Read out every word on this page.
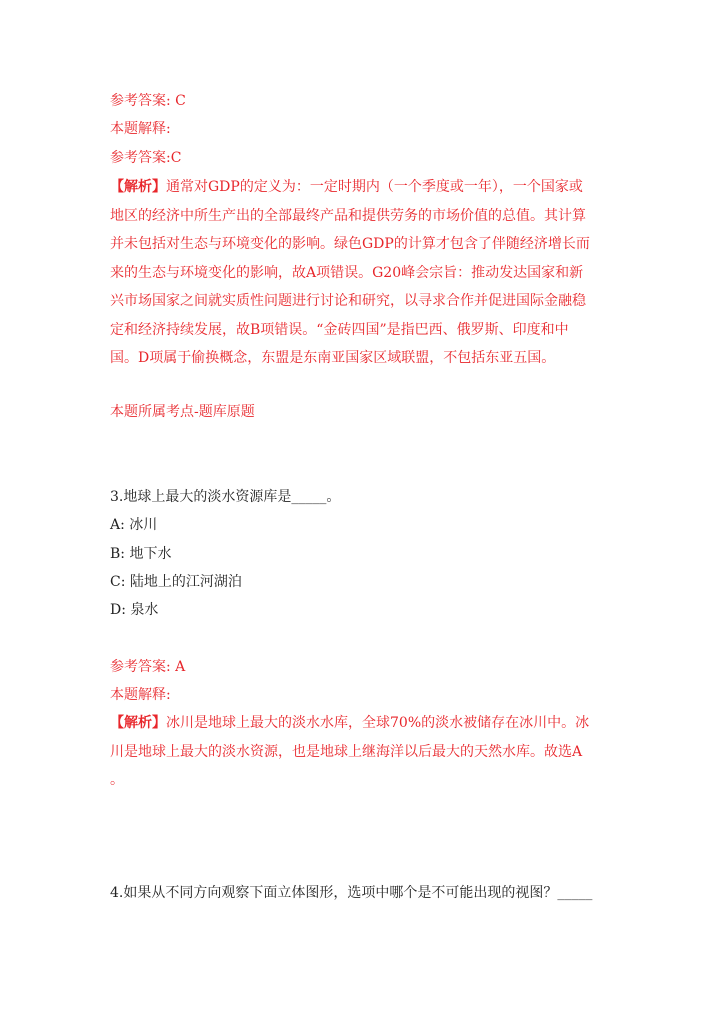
参考答案: C
本题解释:
参考答案:C
【解析】通常对GDP的定义为：一定时期内（一个季度或一年），一个国家或
地区的经济中所生产出的全部最终产品和提供劳务的市场价值的总值。其计算
并未包括对生态与环境变化的影响。绿色GDP的计算才包含了伴随经济增长而
来的生态与环境变化的影响，故A项错误。G20峰会宗旨：推动发达国家和新
兴市场国家之间就实质性问题进行讨论和研究，以寻求合作并促进国际金融稳
定和经济持续发展，故B项错误。“金砖四国”是指巴西、俄罗斯、印度和中
国。D项属于偷换概念，东盟是东南亚国家区域联盟，不包括东亚五国。
本题所属考点-题库原题
3.地球上最大的淡水资源库是_____。
A: 冰川
B: 地下水
C: 陆地上的江河湖泊
D: 泉水
参考答案: A
本题解释:
【解析】冰川是地球上最大的淡水水库，全球70%的淡水被储存在冰川中。冰
川是地球上最大的淡水资源，也是地球上继海洋以后最大的天然水库。故选A
。
4.如果从不同方向观察下面立体图形，选项中哪个是不可能出现的视图？_____
